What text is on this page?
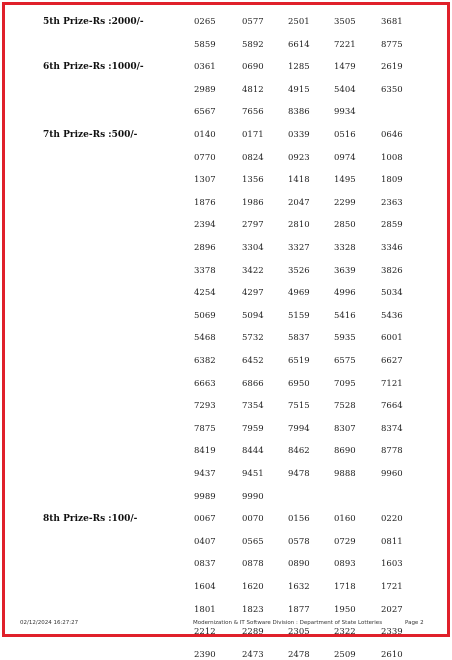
5th Prize-Rs :2000/-	0265	0577	2501	3505	3681
5859	5892	6614	7221	8775
6th Prize-Rs :1000/-	0361	0690	1285	1479	2619
2989	4812	4915	5404	6350
6567	7656	8386	9934
7th Prize-Rs :500/-	0140	0171	0339	0516	0646
0770	0824	0923	0974	1008
1307	1356	1418	1495	1809
1876	1986	2047	2299	2363
2394	2797	2810	2850	2859
2896	3304	3327	3328	3346
3378	3422	3526	3639	3826
4254	4297	4969	4996	5034
5069	5094	5159	5416	5436
5468	5732	5837	5935	6001
6382	6452	6519	6575	6627
6663	6866	6950	7095	7121
7293	7354	7515	7528	7664
7875	7959	7994	8307	8374
8419	8444	8462	8690	8778
9437	9451	9478	9888	9960
9989	9990
8th Prize-Rs :100/-	0067	0070	0156	0160	0220
0407	0565	0578	0729	0811
0837	0878	0890	0893	1603
1604	1620	1632	1718	1721
1801	1823	1877	1950	2027
2212	2289	2305	2322	2339
2390	2473	2478	2509	2610
02/12/2024 16:27:27	Modernization & IT Software Division : Department of State Lotteries	Page 2
